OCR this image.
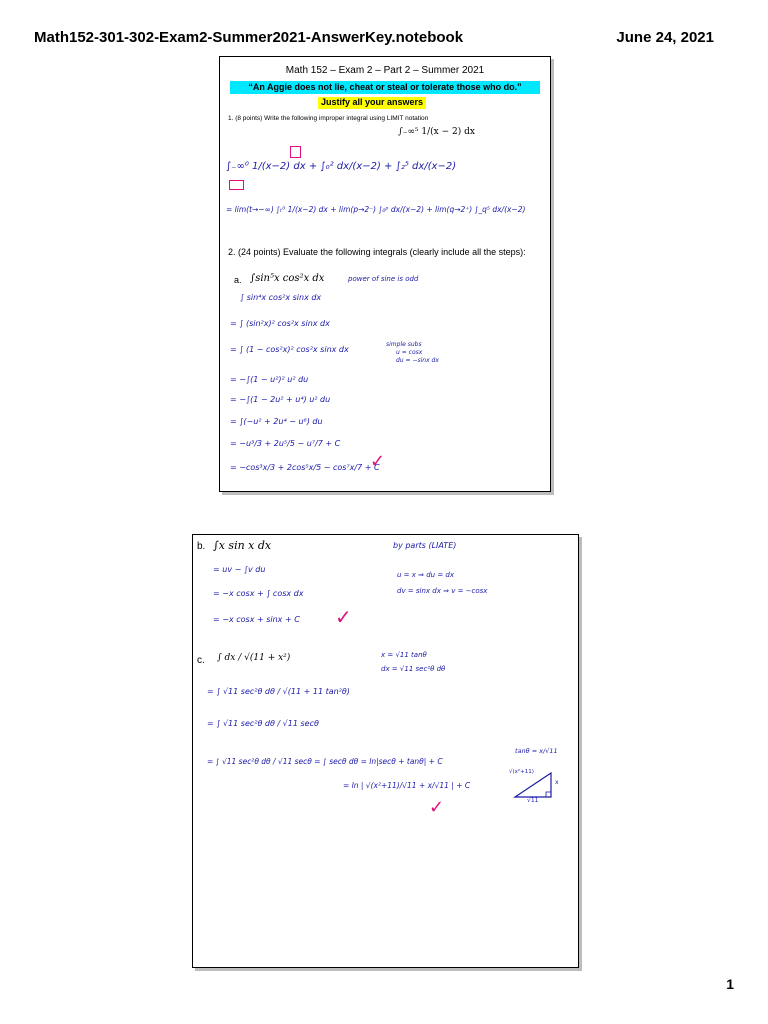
Math152-301-302-Exam2-Summer2021-AnswerKey.notebook	June 24, 2021
Math 152 – Exam 2 – Part 2 – Summer 2021
“An Aggie does not lie, cheat or steal or tolerate those who do.”
Justify all your answers
1. (8 points) Write the following improper integral using LIMIT notation
∫₋∞⁵ 1/(x − 2) dx
∫₋∞⁰ 1/(x−2) dx + ∫₀² dx/(x−2) + ∫₂⁵ dx/(x−2)
= lim(t→−∞) ∫ₜ⁰ 1/(x−2) dx + lim(p→2⁻) ∫₀ᵖ dx/(x−2) + lim(q→2⁺) ∫_q⁵ dx/(x−2)
2. (24 points) Evaluate the following integrals (clearly include all the steps):
a. ∫sin⁵x cos²x dx	power of sine is odd
simple subs
u = cosx
du = −sinx dx
∫ sin⁴x cos²x sinx dx
= ∫ (sin²x)² cos²x sinx dx
= ∫ (1 − cos²x)² cos²x sinx dx
= −∫(1 − u²)² u² du
= −∫(1 − 2u² + u⁴) u² du
= ∫(−u² + 2u⁴ − u⁶) du
= −u³/3 + 2u⁵/5 − u⁷/7 + C
= −cos³x/3 + 2cos⁵x/5 − cos⁷x/7 + C
✓
b. ∫x sin x dx	by parts (LIATE)
u = x ⇒ du = dx
dv = sinx dx ⇒ v = −cosx
= uv − ∫v du
= −x cosx + ∫ cosx dx
= −x cosx + sinx + C ✓
c. ∫ dx / √(11 + x²)	x = √11 tanθ
dx = √11 sec²θ dθ
= ∫ √11 sec²θ dθ / √(11 + 11 tan²θ)
= ∫ √11 sec²θ dθ / √11 secθ
= ∫ √11 sec²θ dθ / √11 secθ = ∫ secθ dθ = ln|secθ + tanθ| + C
= ln | √(x²+11)/√11 + x/√11 | + C
✓
tanθ = x/√11
√(x²+11)
x
√11
1
